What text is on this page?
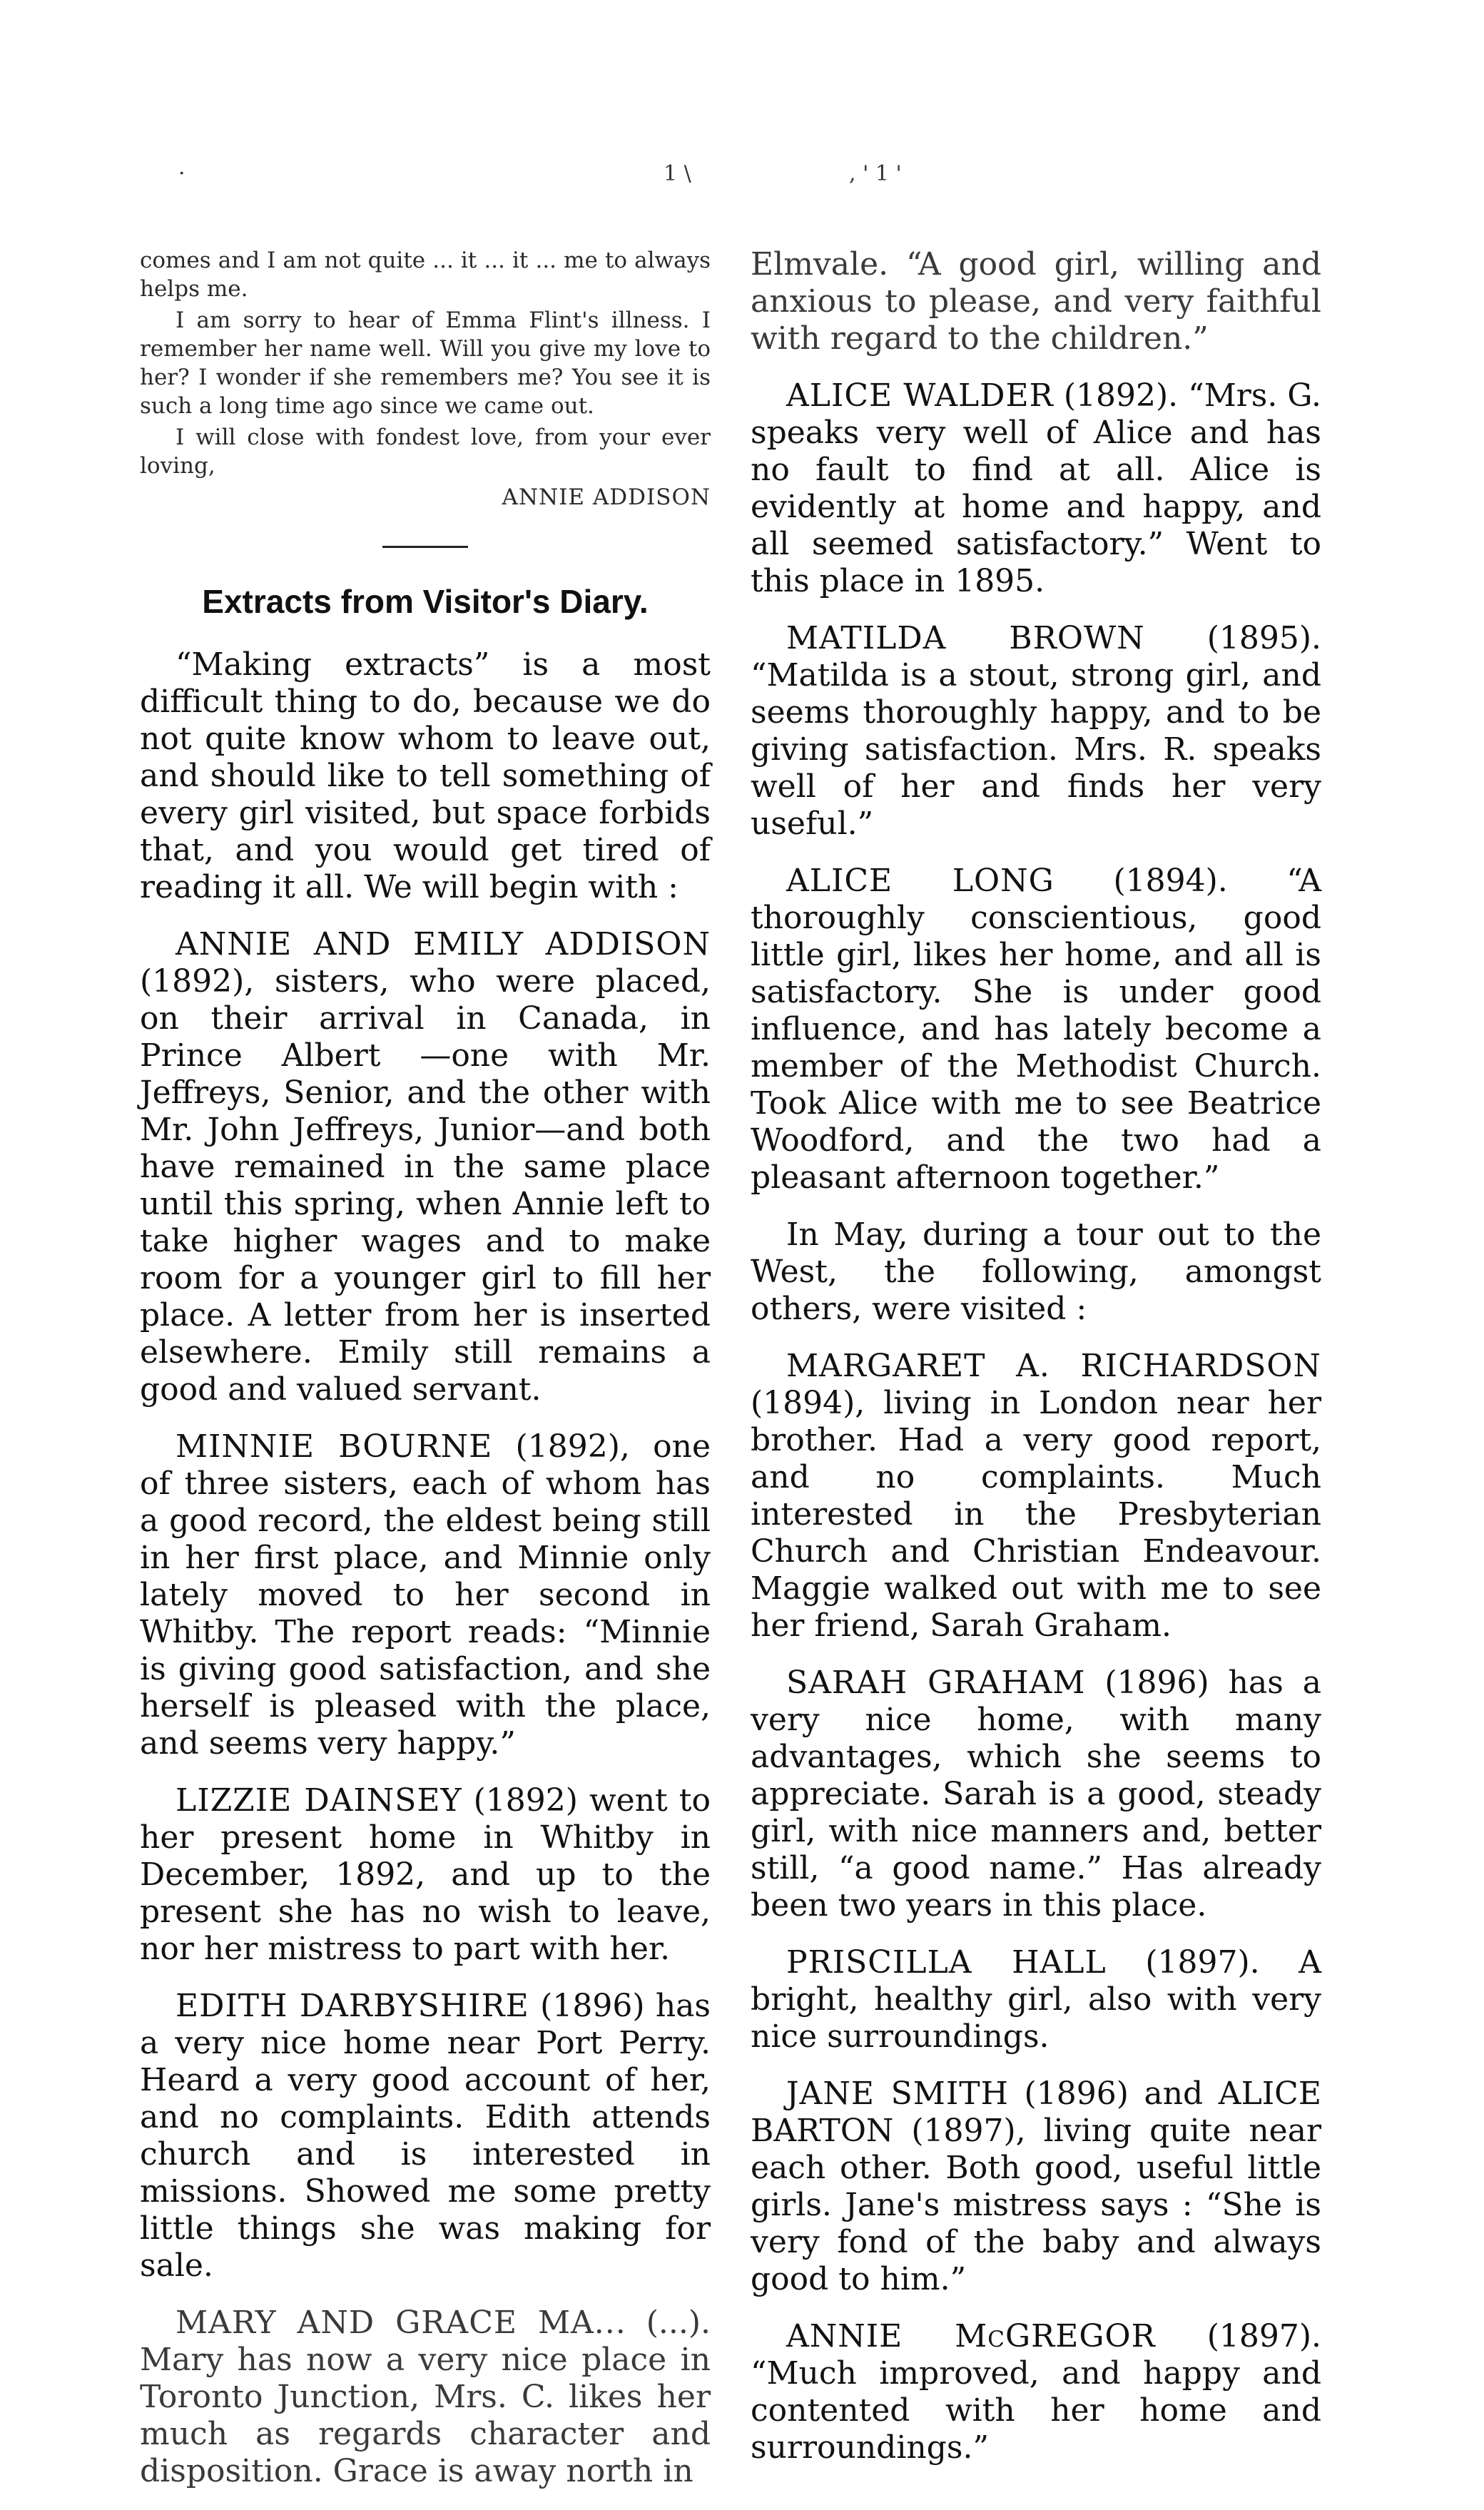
·	1 \	, ' 1 '

comes and I am not quite ... it ... it ... me to always helps me.

I am sorry to hear of Emma Flint's illness. I remember her name well. Will you give my love to her? I wonder if she remembers me? You see it is such a long time ago since we came out.

I will close with fondest love, from your ever loving,

ANNIE ADDISON

Extracts from Visitor's Diary.

“Making extracts” is a most difficult thing to do, because we do not quite know whom to leave out, and should like to tell something of every girl visited, but space forbids that, and you would get tired of reading it all. We will begin with :

ANNIE AND EMILY ADDISON (1892), sisters, who were placed, on their arrival in Canada, in Prince Albert —one with Mr. Jeffreys, Senior, and the other with Mr. John Jeffreys, Junior—and both have remained in the same place until this spring, when Annie left to take higher wages and to make room for a younger girl to fill her place. A letter from her is inserted elsewhere. Emily still remains a good and valued servant.

MINNIE BOURNE (1892), one of three sisters, each of whom has a good record, the eldest being still in her first place, and Minnie only lately moved to her second in Whitby. The report reads: “Minnie is giving good satisfaction, and she herself is pleased with the place, and seems very happy.”

LIZZIE DAINSEY (1892) went to her present home in Whitby in December, 1892, and up to the present she has no wish to leave, nor her mistress to part with her.

EDITH DARBYSHIRE (1896) has a very nice home near Port Perry. Heard a very good account of her, and no complaints. Edith attends church and is interested in missions. Showed me some pretty little things she was making for sale.

MARY AND GRACE MA... (...). Mary has now a very nice place in Toronto Junction, Mrs. C. likes her much as regards character and disposition. Grace is away north in

Elmvale. “A good girl, willing and anxious to please, and very faithful with regard to the children.”

ALICE WALDER (1892). “Mrs. G. speaks very well of Alice and has no fault to find at all. Alice is evidently at home and happy, and all seemed satisfactory.” Went to this place in 1895.

MATILDA BROWN (1895). “Matilda is a stout, strong girl, and seems thoroughly happy, and to be giving satisfaction. Mrs. R. speaks well of her and finds her very useful.”

ALICE LONG (1894). “A thoroughly conscientious, good little girl, likes her home, and all is satisfactory. She is under good influence, and has lately become a member of the Methodist Church. Took Alice with me to see Beatrice Woodford, and the two had a pleasant afternoon together.”

In May, during a tour out to the West, the following, amongst others, were visited :

MARGARET A. RICHARDSON (1894), living in London near her brother. Had a very good report, and no complaints. Much interested in the Presbyterian Church and Christian Endeavour. Maggie walked out with me to see her friend, Sarah Graham.

SARAH GRAHAM (1896) has a very nice home, with many advantages, which she seems to appreciate. Sarah is a good, steady girl, with nice manners and, better still, “a good name.” Has already been two years in this place.

PRISCILLA HALL (1897). A bright, healthy girl, also with very nice surroundings.

JANE SMITH (1896) and ALICE BARTON (1897), living quite near each other. Both good, useful little girls. Jane's mistress says : “She is very fond of the baby and always good to him.”

ANNIE McGREGOR (1897). “Much improved, and happy and contented with her home and surroundings.”
